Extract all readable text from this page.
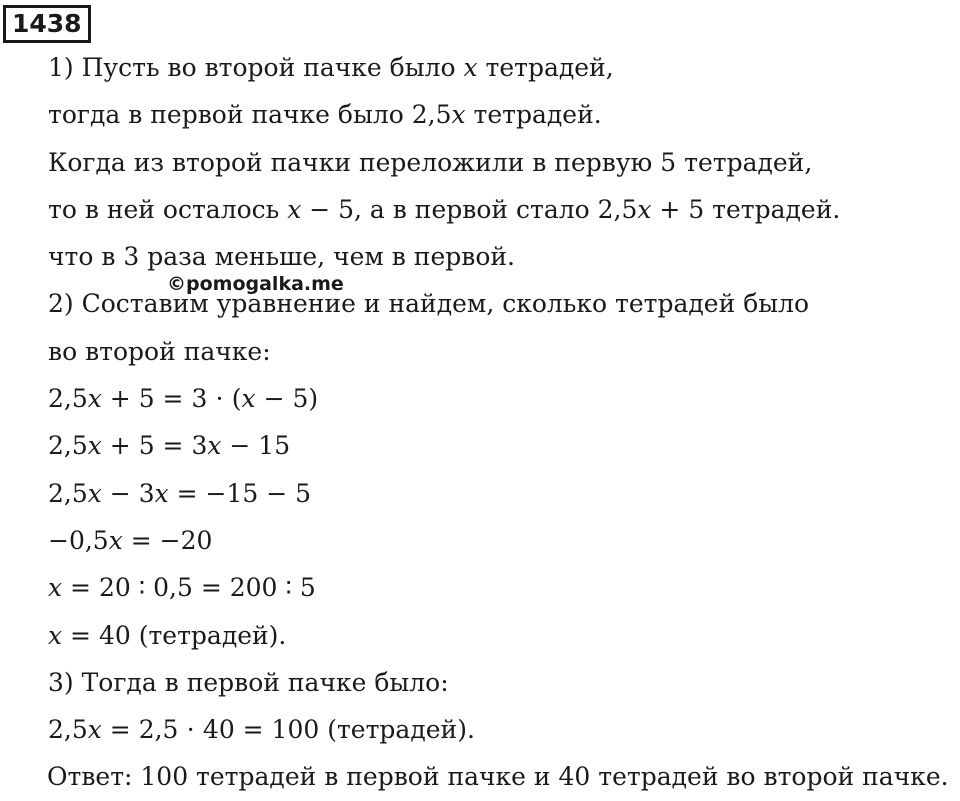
1438
1) Пусть во второй пачке было 𝑥 тетрадей,
тогда в первой пачке было 2,5𝑥 тетрадей.
Когда из второй пачки переложили в первую 5 тетрадей,
то в ней осталось 𝑥 − 5, а в первой стало 2,5𝑥 + 5 тетрадей.
что в 3 раза меньше, чем в первой.
2) Составим уравнение и найдем, сколько тетрадей было
во второй пачке:
2,5𝑥 + 5 = 3 ⋅ (𝑥 − 5)
2,5𝑥 + 5 = 3𝑥 − 15
2,5𝑥 − 3𝑥 = −15 − 5
−0,5𝑥 = −20
𝑥 = 20 ∶ 0,5 = 200 ∶ 5
𝑥 = 40 (тетрадей).
3) Тогда в первой пачке было:
2,5𝑥 = 2,5 ⋅ 40 = 100 (тетрадей).
Ответ: 100 тетрадей в первой пачке и 40 тетрадей во второй пачке.
©pomogalka.me
